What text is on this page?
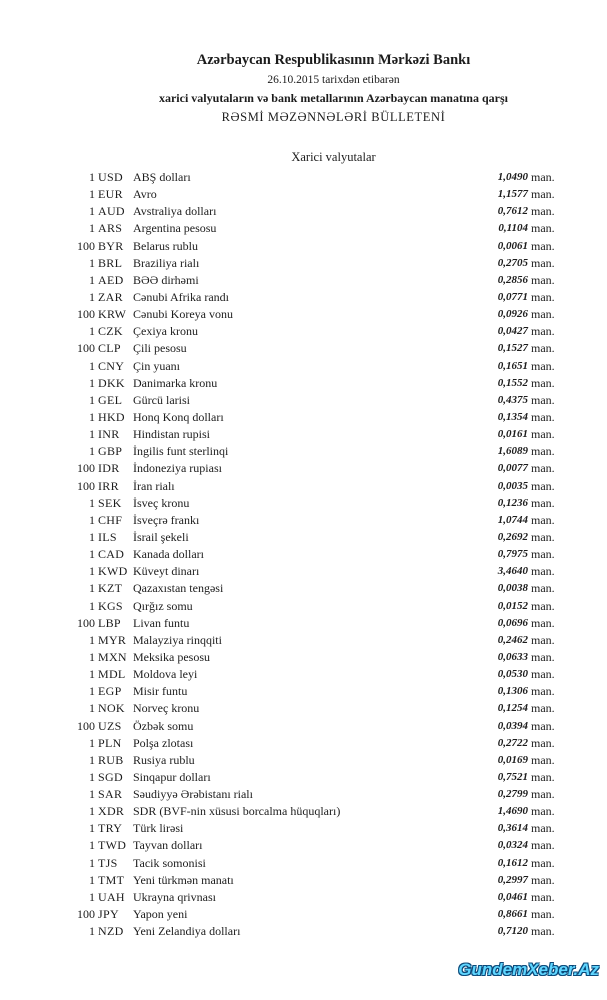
Azərbaycan Respublikasının Mərkəzi Bankı
26.10.2015 tarixdən etibarən
xarici valyutaların və bank metallarının Azərbaycan manatına qarşı
RƏSMİ MƏZƏNNƏLƏRİ BÜLLETENİ
Xarici valyutalar
1 USD ABŞ dolları	1,0490 man.
1 EUR Avro	1,1577 man.
1 AUD Avstraliya dolları	0,7612 man.
1 ARS Argentina pesosu	0,1104 man.
100 BYR Belarus rublu	0,0061 man.
1 BRL Braziliya rialı	0,2705 man.
1 AED BƏƏ dirhəmi	0,2856 man.
1 ZAR Cənubi Afrika randı	0,0771 man.
100 KRW Cənubi Koreya vonu	0,0926 man.
1 CZK Çexiya kronu	0,0427 man.
100 CLP Çili pesosu	0,1527 man.
1 CNY Çin yuanı	0,1651 man.
1 DKK Danimarka kronu	0,1552 man.
1 GEL Gürcü larisi	0,4375 man.
1 HKD Honq Konq dolları	0,1354 man.
1 INR Hindistan rupisi	0,0161 man.
1 GBP İngilis funt sterlinqi	1,6089 man.
100 IDR İndoneziya rupiası	0,0077 man.
100 IRR İran rialı	0,0035 man.
1 SEK İsveç kronu	0,1236 man.
1 CHF İsveçrə frankı	1,0744 man.
1 ILS İsrail şekeli	0,2692 man.
1 CAD Kanada dolları	0,7975 man.
1 KWD Küveyt dinarı	3,4640 man.
1 KZT Qazaxıstan tengəsi	0,0038 man.
1 KGS Qırğız somu	0,0152 man.
100 LBP Livan funtu	0,0696 man.
1 MYR Malayziya rinqqiti	0,2462 man.
1 MXN Meksika pesosu	0,0633 man.
1 MDL Moldova leyi	0,0530 man.
1 EGP Misir funtu	0,1306 man.
1 NOK Norveç kronu	0,1254 man.
100 UZS Özbək somu	0,0394 man.
1 PLN Polşa zlotası	0,2722 man.
1 RUB Rusiya rublu	0,0169 man.
1 SGD Sinqapur dolları	0,7521 man.
1 SAR Səudiyyə Ərəbistanı rialı	0,2799 man.
1 XDR SDR (BVF-nin xüsusi borcalma hüquqları)	1,4690 man.
1 TRY Türk lirəsi	0,3614 man.
1 TWD Tayvan dolları	0,0324 man.
1 TJS Tacik somonisi	0,1612 man.
1 TMT Yeni türkmən manatı	0,2997 man.
1 UAH Ukrayna qrivnası	0,0461 man.
100 JPY Yapon yeni	0,8661 man.
1 NZD Yeni Zelandiya dolları	0,7120 man.
GundemXeber.Az
